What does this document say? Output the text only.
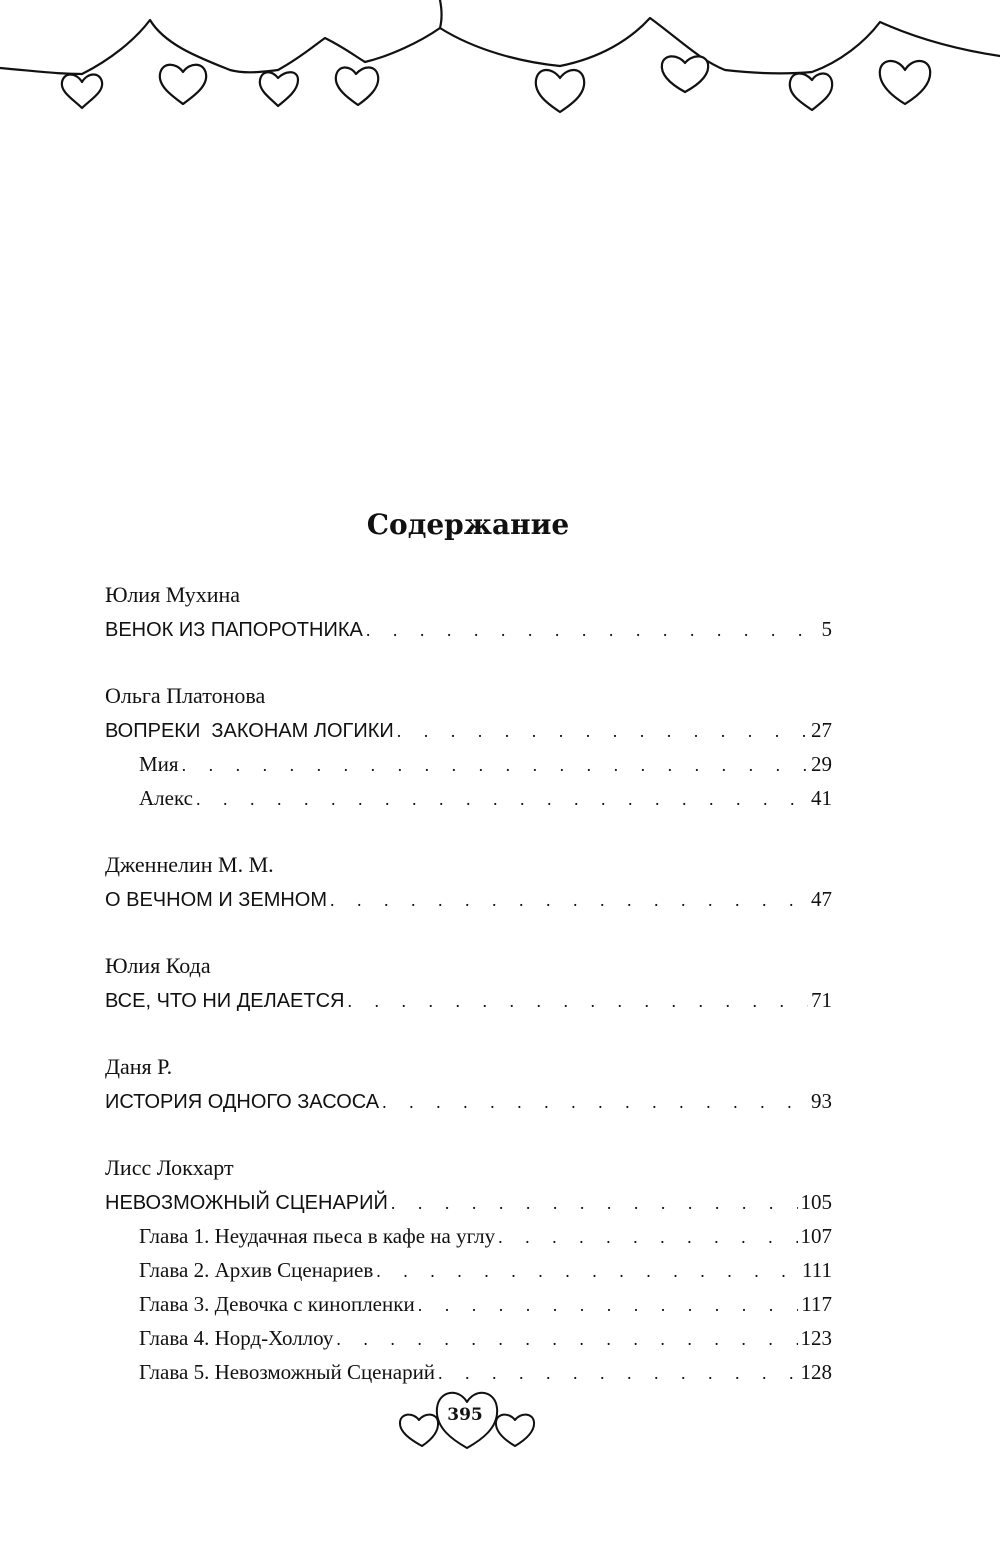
Содержание
Юлия Мухина
ВЕНОК ИЗ ПАПОРОТНИКА . . .	5
Ольга Платонова
ВОПРЕКИ  ЗАКОНАМ ЛОГИКИ . . .	27
Мия . . .	29
Алекс . . .	41
Дженнелин М. М.
О ВЕЧНОМ И ЗЕМНОМ . . .	47
Юлия Кода
ВСЕ, ЧТО НИ ДЕЛАЕТСЯ . . .	71
Даня Р.
ИСТОРИЯ ОДНОГО ЗАСОСА . . .	93
Лисс Локхарт
НЕВОЗМОЖНЫЙ СЦЕНАРИЙ . . .	105
Глава 1. Неудачная пьеса в кафе на углу . . .	107
Глава 2. Архив Сценариев . . .	111
Глава 3. Девочка с кинопленки . . .	117
Глава 4. Норд-Холлоу . . .	123
Глава 5. Невозможный Сценарий . . .	128
395
